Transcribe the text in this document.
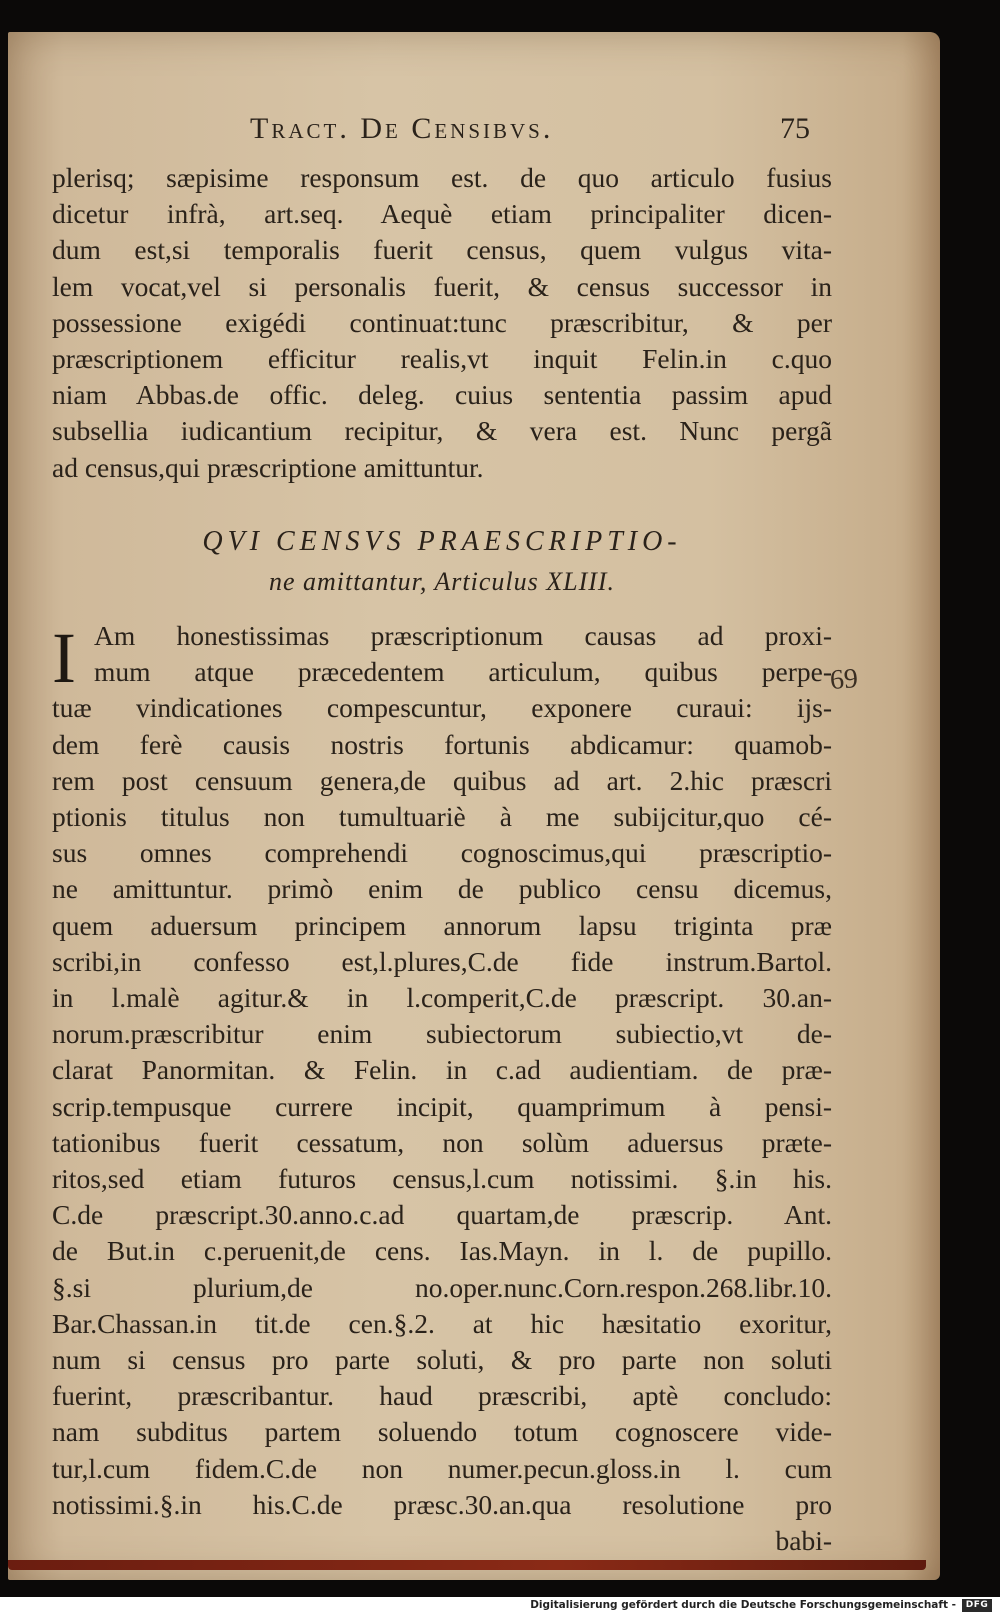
Tract. De Censibvs.	75
plerisq; sæpisime responsum est. de quo articulo fusius
dicetur infrà, art.seq. Aequè etiam principaliter dicen-
dum est,si temporalis fuerit census, quem vulgus vita-
lem vocat,vel si personalis fuerit, & census successor in
possessione exigédi continuat:tunc præscribitur, & per
præscriptionem efficitur realis,vt inquit Felin.in c.quo
niam Abbas.de offic. deleg. cuius sententia passim apud
subsellia iudicantium recipitur, & vera est. Nunc pergã
ad census,qui præscriptione amittuntur.
QVI CENSVS PRAESCRIPTIO-
ne amittantur, Articulus XLIII.
I Am honestissimas præscriptionum causas ad proxi-
mum atque præcedentem articulum, quibus perpe-
tuæ vindicationes compescuntur, exponere curaui: ijs-
dem ferè causis nostris fortunis abdicamur: quamob-
rem post censuum genera,de quibus ad art. 2.hic præscri
ptionis titulus non tumultuariè à me subijcitur,quo cé-
sus omnes comprehendi cognoscimus,qui præscriptio-
ne amittuntur. primò enim de publico censu dicemus,
quem aduersum principem annorum lapsu triginta præ
scribi,in confesso est,l.plures,C.de fide instrum.Bartol.
in l.malè agitur.& in l.comperit,C.de præscript. 30.an-
norum.præscribitur enim subiectorum subiectio,vt de-
clarat Panormitan. & Felin. in c.ad audientiam. de præ-
scrip.tempusque currere incipit, quamprimum à pensi-
tationibus fuerit cessatum, non solùm aduersus præte-
ritos,sed etiam futuros census,l.cum notissimi. §.in his.
C.de præscript.30.anno.c.ad quartam,de præscrip. Ant.
de But.in c.peruenit,de cens. Ias.Mayn. in l. de pupillo.
§.si plurium,de no.oper.nunc.Corn.respon.268.libr.10.
Bar.Chassan.in tit.de cen.§.2. at hic hæsitatio exoritur,
num si census pro parte soluti, & pro parte non soluti
fuerint, præscribantur. haud præscribi, aptè concludo:
nam subditus partem soluendo totum cognoscere vide-
tur,l.cum fidem.C.de non numer.pecun.gloss.in l. cum
notissimi.§.in his.C.de præsc.30.an.qua resolutione pro
babi-
69
Digitalisierung gefördert durch die Deutsche Forschungsgemeinschaft -	DFG
